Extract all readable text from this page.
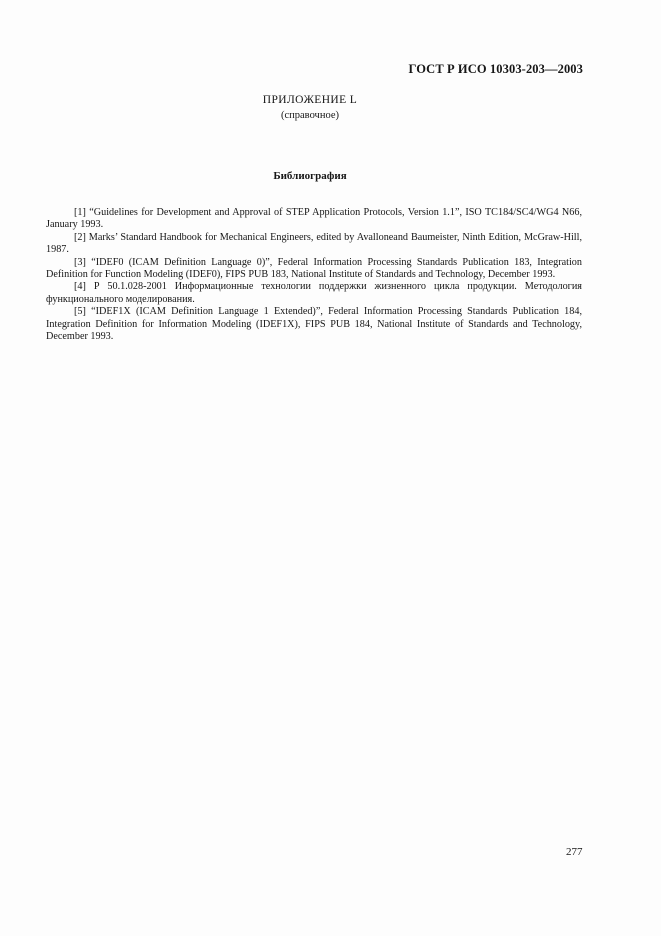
ГОСТ Р ИСО 10303-203—2003
ПРИЛОЖЕНИЕ L
(справочное)
Библиография

[1] “Guidelines for Development and Approval of STEP Application Protocols, Version 1.1”, ISO TC184/SC4/WG4 N66, January 1993.

[2] Marks’ Standard Handbook for Mechanical Engineers, edited by Avalloneand Baumeister, Ninth Edition, McGraw-Hill, 1987.

[3] “IDEF0 (ICAM Definition Language 0)”, Federal Information Processing Standards Publication 183, Integration Definition for Function Modeling (IDEF0), FIPS PUB 183, National Institute of Standards and Technology, December 1993.

[4] Р 50.1.028-2001 Информационные технологии поддержки жизненного цикла продукции. Методология функционального моделирования.

[5] “IDEF1X (ICAM Definition Language 1 Extended)”, Federal Information Processing Standards Publication 184, Integration Definition for Information Modeling (IDEF1X), FIPS PUB 184, National Institute of Standards and Technology, December 1993.

277
